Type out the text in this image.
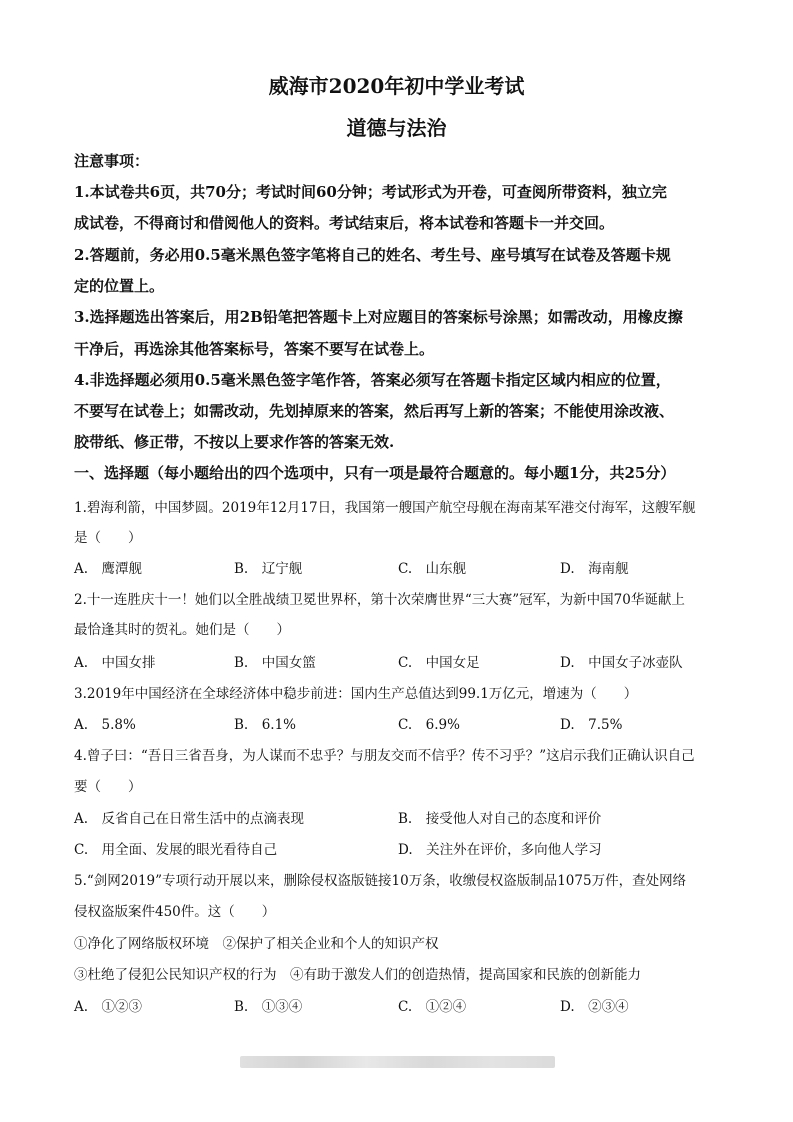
威海市2020年初中学业考试
道德与法治
注意事项：
1.本试卷共6页，共70分；考试时间60分钟；考试形式为开卷，可查阅所带资料，独立完
成试卷，不得商讨和借阅他人的资料。考试结束后，将本试卷和答题卡一并交回。
2.答题前，务必用0.5毫米黑色签字笔将自己的姓名、考生号、座号填写在试卷及答题卡规
定的位置上。
3.选择题选出答案后，用2B铅笔把答题卡上对应题目的答案标号涂黑；如需改动，用橡皮擦
干净后，再选涂其他答案标号，答案不要写在试卷上。
4.非选择题必须用0.5毫米黑色签字笔作答，答案必须写在答题卡指定区域内相应的位置，
不要写在试卷上；如需改动，先划掉原来的答案，然后再写上新的答案；不能使用涂改液、
胶带纸、修正带，不按以上要求作答的答案无效.
一、选择题（每小题给出的四个选项中，只有一项是最符合题意的。每小题1分，共25分）
1.碧海利箭，中国梦圆。2019年12月17日，我国第一艘国产航空母舰在海南某军港交付海军，这艘军舰
是（　　）
A.　鹰潭舰	B.　辽宁舰	C.　山东舰	D.　海南舰
2.十一连胜庆十一！她们以全胜战绩卫冕世界杯，第十次荣膺世界“三大赛”冠军，为新中国70华诞献上
最恰逢其时的贺礼。她们是（　　）
A.　中国女排	B.　中国女篮	C.　中国女足	D.　中国女子冰壶队
3.2019年中国经济在全球经济体中稳步前进：国内生产总值达到99.1万亿元，增速为（　　）
A.　5.8%	B.　6.1%	C.　6.9%	D.　7.5%
4.曾子曰：“吾日三省吾身，为人谋而不忠乎？与朋友交而不信乎？传不习乎？”这启示我们正确认识自己
要（　　）
A.　反省自己在日常生活中的点滴表现	B.　接受他人对自己的态度和评价
C.　用全面、发展的眼光看待自己	D.　关注外在评价，多向他人学习
5.“剑网2019”专项行动开展以来，删除侵权盗版链接10万条，收缴侵权盗版制品1075万件，查处网络
侵权盗版案件450件。这（　　）
①净化了网络版权环境　②保护了相关企业和个人的知识产权
③杜绝了侵犯公民知识产权的行为　④有助于激发人们的创造热情，提高国家和民族的创新能力
A.　①②③	B.　①③④	C.　①②④	D.　②③④
